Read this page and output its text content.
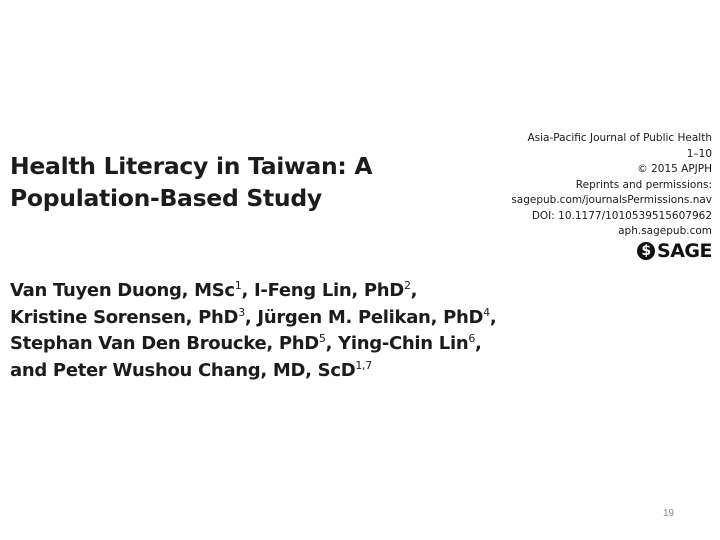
Asia-Pacific Journal of Public Health
1–10
© 2015 APJPH
Reprints and permissions:
sagepub.com/journalsPermissions.nav
DOI: 10.1177/1010539515607962
aph.sagepub.com
$ SAGE
Health Literacy in Taiwan: A
Population-Based Study
Van Tuyen Duong, MSc$^1$, I-Feng Lin, PhD$^2$,
Kristine Sorensen, PhD$^3$, Jürgen M. Pelikan, PhD$^4$,
Stephan Van Den Broucke, PhD$^5$, Ying-Chin Lin$^6$,
and Peter Wushou Chang, MD, ScD$^{1,7}$
19
